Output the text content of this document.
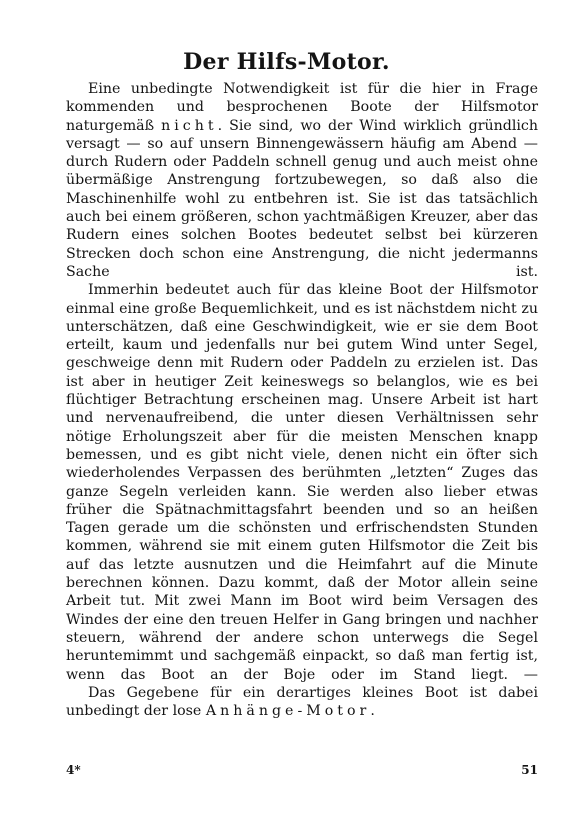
Der Hilfs-Motor.

Eine unbedingte Notwendigkeit ist für die hier in Frage kommenden und besprochenen Boote der Hilfsmotor naturgemäß nicht. Sie sind, wo der Wind wirklich gründlich versagt — so auf unsern Binnengewässern häufig am Abend — durch Rudern oder Paddeln schnell genug und auch meist ohne übermäßige Anstrengung fortzubewegen, so daß also die Maschinenhilfe wohl zu entbehren ist. Sie ist das tatsächlich auch bei einem größeren, schon yachtmäßigen Kreuzer, aber das Rudern eines solchen Bootes bedeutet selbst bei kürzeren Strecken doch schon eine Anstrengung, die nicht jedermanns Sache ist.

Immerhin bedeutet auch für das kleine Boot der Hilfsmotor einmal eine große Bequemlichkeit, und es ist nächstdem nicht zu unterschätzen, daß eine Geschwindigkeit, wie er sie dem Boot erteilt, kaum und jedenfalls nur bei gutem Wind unter Segel, geschweige denn mit Rudern oder Paddeln zu erzielen ist. Das ist aber in heutiger Zeit keineswegs so belanglos, wie es bei flüchtiger Betrachtung erscheinen mag. Unsere Arbeit ist hart und nervenaufreibend, die unter diesen Verhältnissen sehr nötige Erholungszeit aber für die meisten Menschen knapp bemessen, und es gibt nicht viele, denen nicht ein öfter sich wiederholendes Verpassen des berühmten „letzten“ Zuges das ganze Segeln verleiden kann. Sie werden also lieber etwas früher die Spätnachmittagsfahrt beenden und so an heißen Tagen gerade um die schönsten und erfrischendsten Stunden kommen, während sie mit einem guten Hilfsmotor die Zeit bis auf das letzte ausnutzen und die Heimfahrt auf die Minute berechnen können. Dazu kommt, daß der Motor allein seine Arbeit tut. Mit zwei Mann im Boot wird beim Versagen des Windes der eine den treuen Helfer in Gang bringen und nachher steuern, während der andere schon unterwegs die Segel heruntemimmt und sachgemäß einpackt, so daß man fertig ist, wenn das Boot an der Boje oder im Stand liegt. —

Das Gegebene für ein derartiges kleines Boot ist dabei unbedingt der lose Anhänge-Motor.

4*	51
